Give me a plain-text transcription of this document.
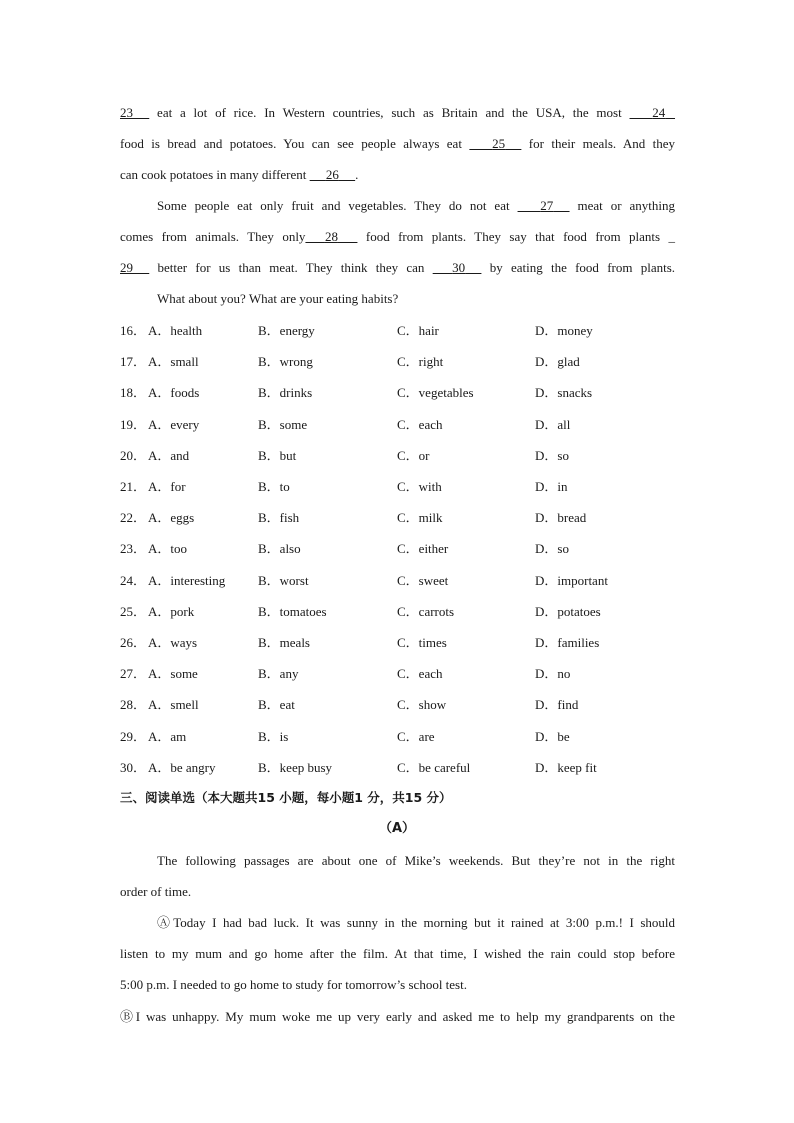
23 eat a lot of rice. In Western countries, such as Britain and the USA, the most 24
food is bread and potatoes. You can see people always eat 25 for their meals. And they
can cook potatoes in many different 26 .
Some people eat only fruit and vegetables. They do not eat 27 meat or anything
comes from animals. They only 28 food from plants. They say that food from plants _
29 better for us than meat. They think they can 30 by eating the food from plants.
What about you? What are your eating habits?
16． A．health	B．energy	C．hair	D．money
17． A．small	B．wrong	C．right	D．glad
18． A．foods	B．drinks	C．vegetables	D．snacks
19． A．every	B．some	C．each	D．all
20． A．and	B．but	C．or	D．so
21． A．for	B．to	C．with	D．in
22． A．eggs	B．fish	C．milk	D．bread
23． A．too	B．also	C．either	D．so
24． A．interesting	B．worst	C．sweet	D．important
25． A．pork	B．tomatoes	C．carrots	D．potatoes
26． A．ways	B．meals	C．times	D．families
27． A．some	B．any	C．each	D．no
28． A．smell	B．eat	C．show	D．find
29． A．am	B．is	C．are	D．be
30． A．be angry	B．keep busy	C．be careful	D．keep fit
三、阅读单选（本大题共15 小题，每小题1 分，共15 分）
（A）
The following passages are about one of Mike’s weekends. But they’re not in the right
order of time.
ⒶToday I had bad luck. It was sunny in the morning but it rained at 3:00 p.m.! I should
listen to my mum and go home after the film. At that time, I wished the rain could stop before
5:00 p.m. I needed to go home to study for tomorrow’s school test.
ⒷI was unhappy. My mum woke me up very early and asked me to help my grandparents on the
